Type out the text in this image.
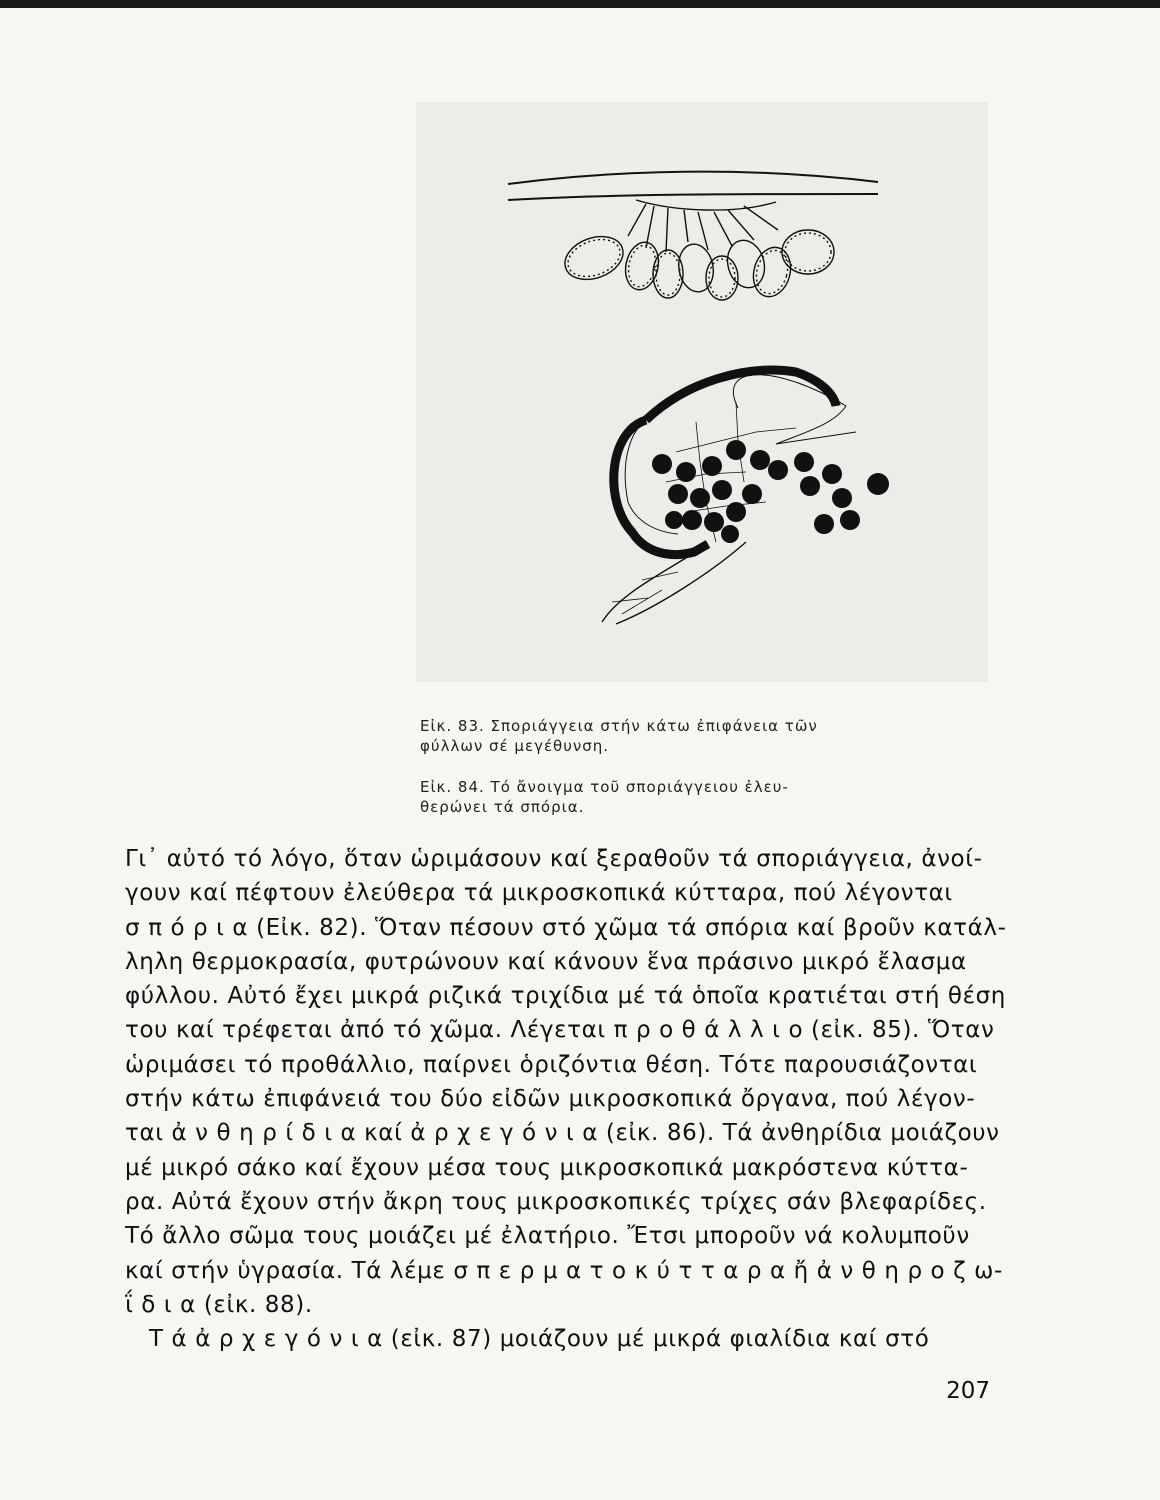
Εἰκ. 83. Σποριάγγεια στήν κάτω ἐπιφάνεια τῶν
φύλλων σέ μεγέθυνση.

Εἰκ. 84. Τό ἄνοιγμα τοῦ σποριάγγειου ἐλευ-
θερώνει τά σπόρια.

Γι᾽ αὐτό τό λόγο, ὅταν ὡριμάσουν καί ξεραθοῦν τά σποριάγγεια, ἀνοί-
γουν καί πέφτουν ἐλεύθερα τά μικροσκοπικά κύτταρα, πού λέγονται
σ π ό ρ ι α (Εἰκ. 82). Ὅταν πέσουν στό χῶμα τά σπόρια καί βροῦν κατάλ-
ληλη θερμοκρασία, φυτρώνουν καί κάνουν ἕνα πράσινο μικρό ἔλασμα
φύλλου. Αὐτό ἔχει μικρά ριζικά τριχίδια μέ τά ὁποῖα κρατιέται στή θέση
του καί τρέφεται ἀπό τό χῶμα. Λέγεται π ρ ο θ ά λ λ ι ο (εἰκ. 85). Ὅταν
ὡριμάσει τό προθάλλιο, παίρνει ὁριζόντια θέση. Τότε παρουσιάζονται
στήν κάτω ἐπιφάνειά του δύο εἰδῶν μικροσκοπικά ὄργανα, πού λέγον-
ται ἀ ν θ η ρ ί δ ι α καί ἀ ρ χ ε γ ό ν ι α (εἰκ. 86). Τά ἀνθηρίδια μοιάζουν
μέ μικρό σάκο καί ἔχουν μέσα τους μικροσκοπικά μακρόστενα κύττα-
ρα. Αὐτά ἔχουν στήν ἄκρη τους μικροσκοπικές τρίχες σάν βλεφαρίδες.
Τό ἄλλο σῶμα τους μοιάζει μέ ἐλατήριο. Ἔτσι μποροῦν νά κολυμποῦν
καί στήν ὑγρασία. Τά λέμε σ π ε ρ μ α τ ο κ ύ τ τ α ρ α ἤ ἀ ν θ η ρ ο ζ ω-
ΐ δ ι α (εἰκ. 88).
Τ ά ἀ ρ χ ε γ ό ν ι α (εἰκ. 87) μοιάζουν μέ μικρά φιαλίδια καί στό

207
